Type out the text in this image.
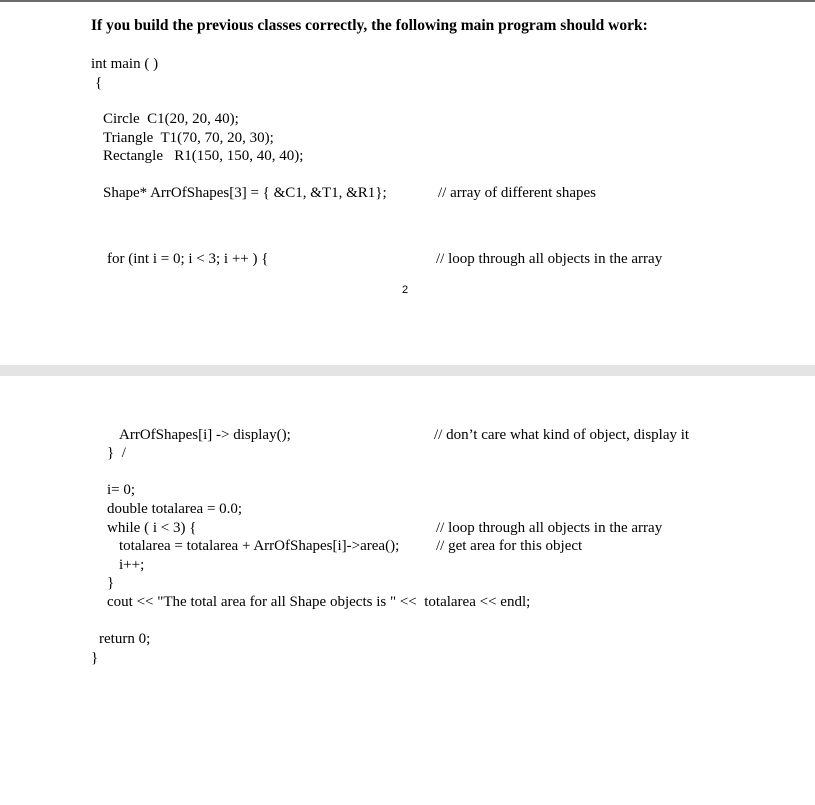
If you build the previous classes correctly, the following main program should work:
int main ( )
{
Circle  C1(20, 20, 40);
Triangle  T1(70, 70, 20, 30);
Rectangle   R1(150, 150, 40, 40);
Shape* ArrOfShapes[3] = { &C1, &T1, &R1};	// array of different shapes
for (int i = 0; i < 3; i ++ ) {	// loop through all objects in the array
2
ArrOfShapes[i] -> display();	// don’t care what kind of object, display it
}  /
i= 0;
double totalarea = 0.0;
while ( i < 3) {	// loop through all objects in the array
totalarea = totalarea + ArrOfShapes[i]->area(); // get area for this object
i++;
}
cout << "The total area for all Shape objects is " <<  totalarea << endl;
return 0;
}
